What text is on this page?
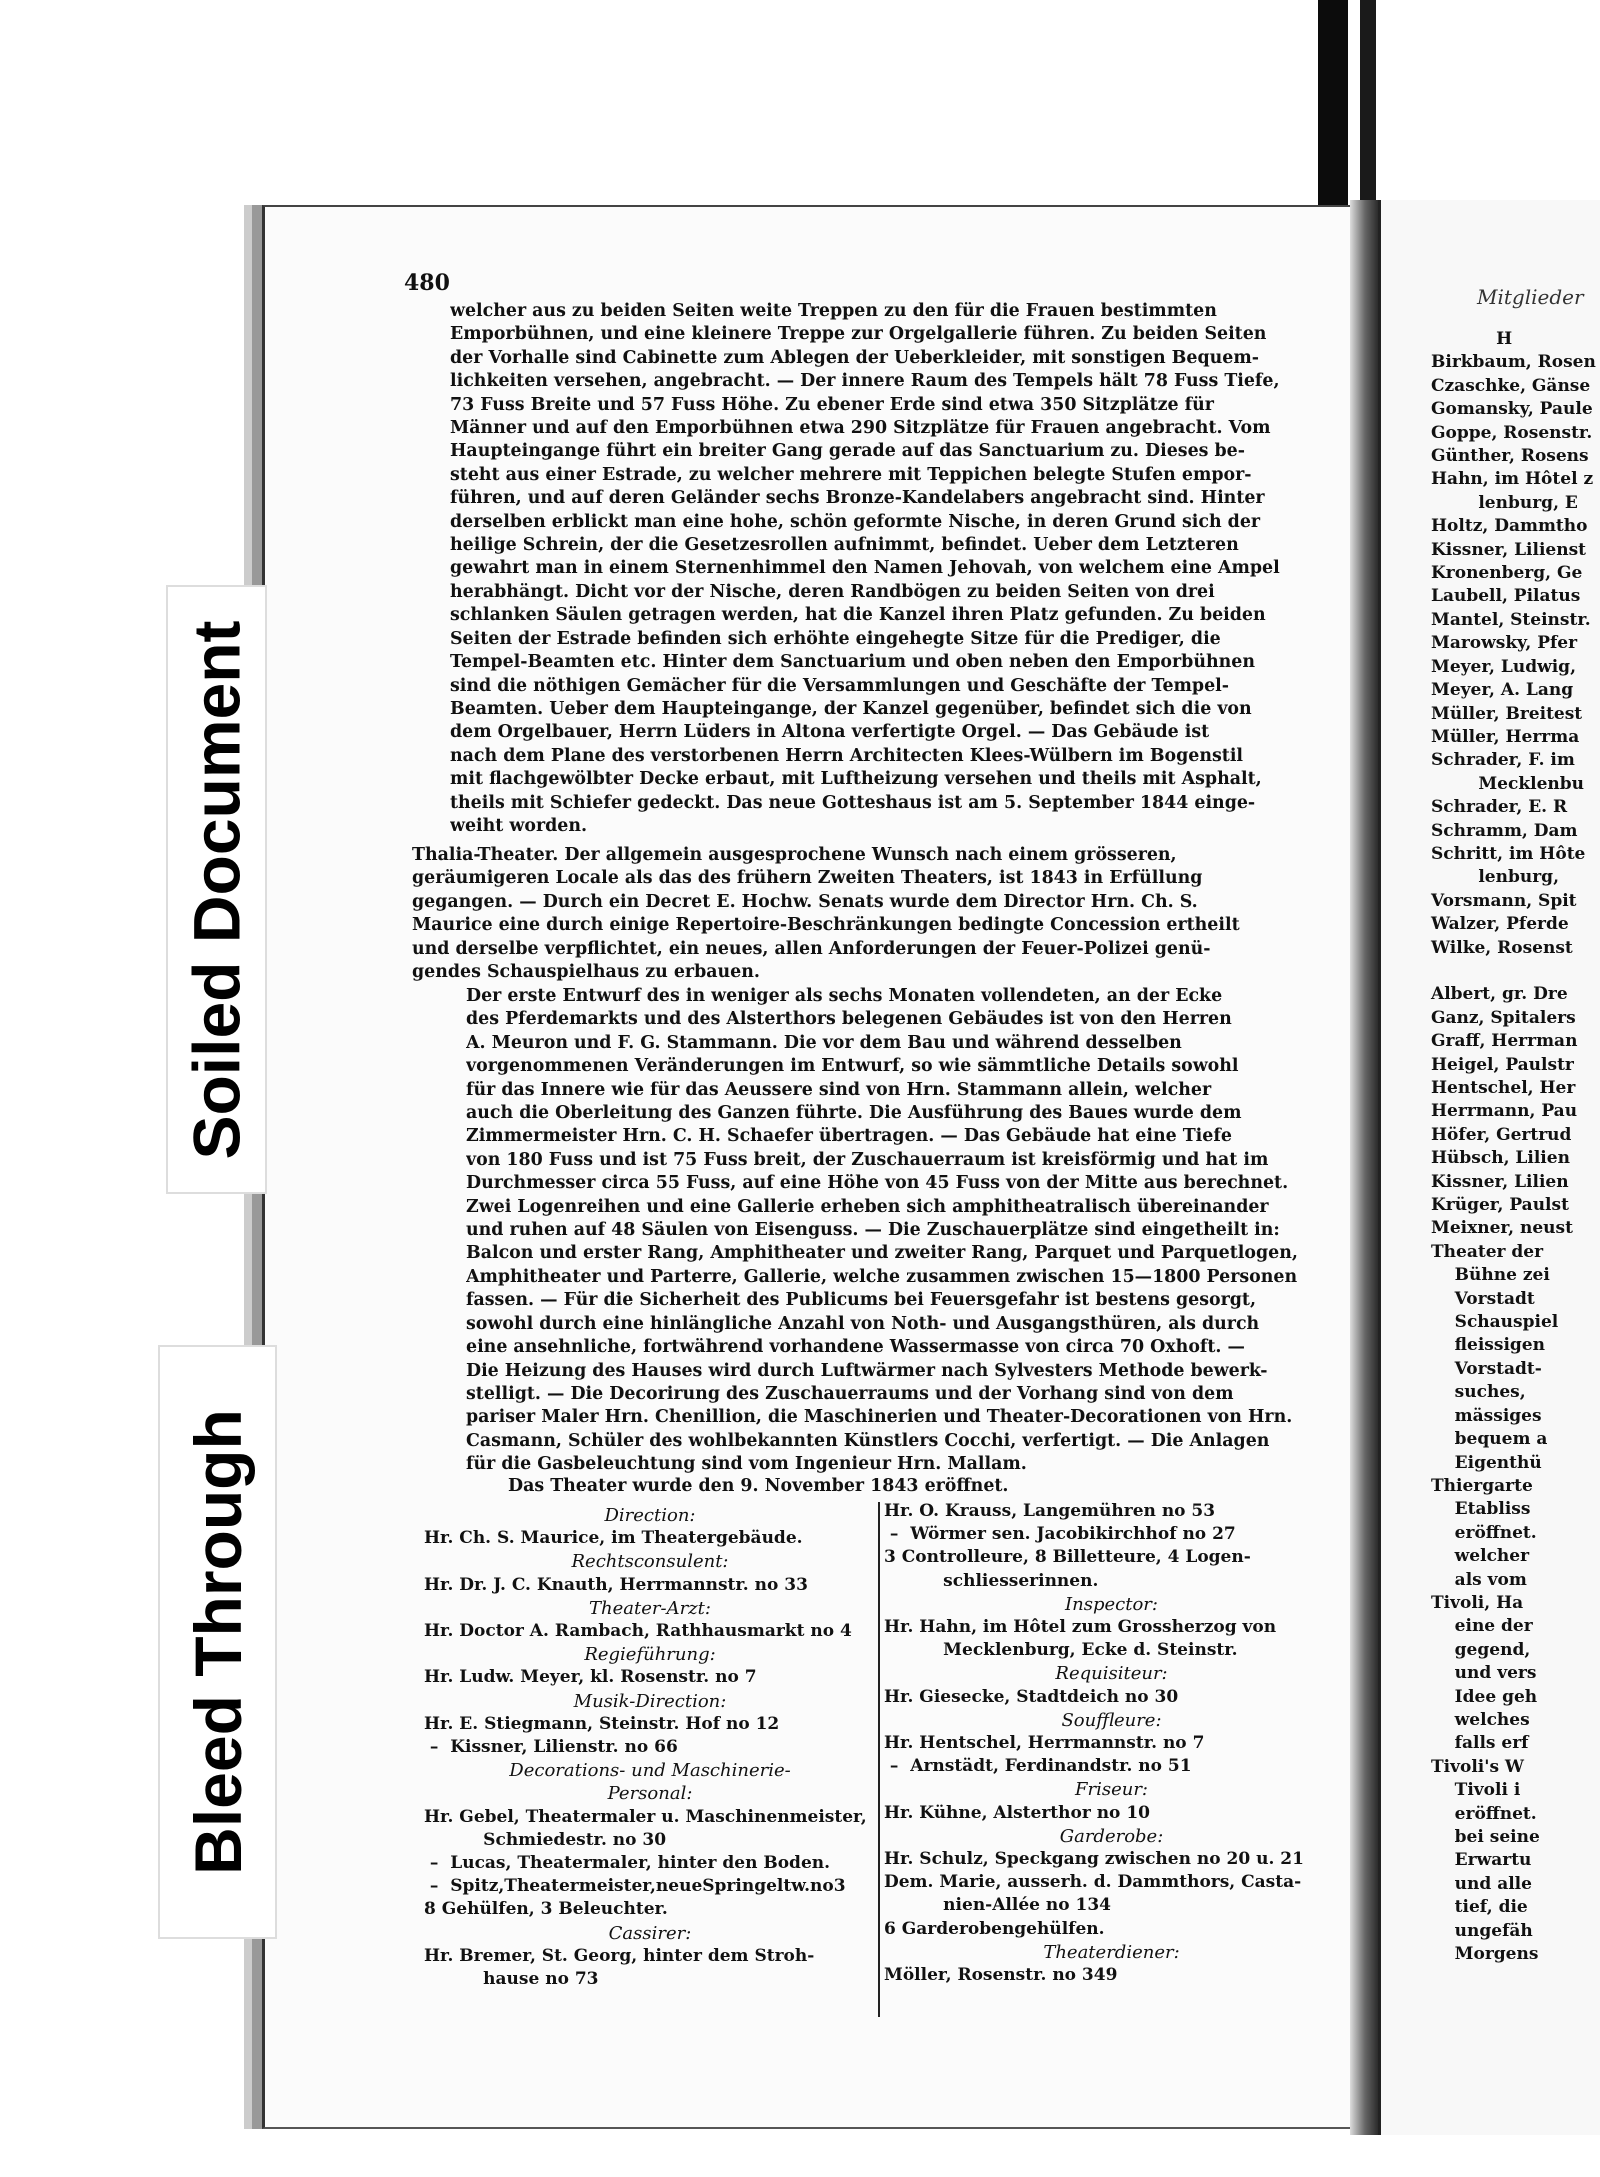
480
welcher aus zu beiden Seiten weite Treppen zu den für die Frauen bestimmten
Emporbühnen, und eine kleinere Treppe zur Orgelgallerie führen. Zu beiden Seiten
der Vorhalle sind Cabinette zum Ablegen der Ueberkleider, mit sonstigen Bequem-
lichkeiten versehen, angebracht. — Der innere Raum des Tempels hält 78 Fuss Tiefe,
73 Fuss Breite und 57 Fuss Höhe. Zu ebener Erde sind etwa 350 Sitzplätze für
Männer und auf den Emporbühnen etwa 290 Sitzplätze für Frauen angebracht. Vom
Haupteingange führt ein breiter Gang gerade auf das Sanctuarium zu. Dieses be-
steht aus einer Estrade, zu welcher mehrere mit Teppichen belegte Stufen empor-
führen, und auf deren Geländer sechs Bronze-Kandelabers angebracht sind. Hinter
derselben erblickt man eine hohe, schön geformte Nische, in deren Grund sich der
heilige Schrein, der die Gesetzesrollen aufnimmt, befindet. Ueber dem Letzteren
gewahrt man in einem Sternenhimmel den Namen Jehovah, von welchem eine Ampel
herabhängt. Dicht vor der Nische, deren Randbögen zu beiden Seiten von drei
schlanken Säulen getragen werden, hat die Kanzel ihren Platz gefunden. Zu beiden
Seiten der Estrade befinden sich erhöhte eingehegte Sitze für die Prediger, die
Tempel-Beamten etc. Hinter dem Sanctuarium und oben neben den Emporbühnen
sind die nöthigen Gemächer für die Versammlungen und Geschäfte der Tempel-
Beamten. Ueber dem Haupteingange, der Kanzel gegenüber, befindet sich die von
dem Orgelbauer, Herrn Lüders in Altona verfertigte Orgel. — Das Gebäude ist
nach dem Plane des verstorbenen Herrn Architecten Klees-Wülbern im Bogenstil
mit flachgewölbter Decke erbaut, mit Luftheizung versehen und theils mit Asphalt,
theils mit Schiefer gedeckt. Das neue Gotteshaus ist am 5. September 1844 einge-
weiht worden.
Thalia-Theater. Der allgemein ausgesprochene Wunsch nach einem grösseren,
geräumigeren Locale als das des frühern Zweiten Theaters, ist 1843 in Erfüllung
gegangen. — Durch ein Decret E. Hochw. Senats wurde dem Director Hrn. Ch. S.
Maurice eine durch einige Repertoire-Beschränkungen bedingte Concession ertheilt
und derselbe verpflichtet, ein neues, allen Anforderungen der Feuer-Polizei genü-
gendes Schauspielhaus zu erbauen.
Der erste Entwurf des in weniger als sechs Monaten vollendeten, an der Ecke
des Pferdemarkts und des Alsterthors belegenen Gebäudes ist von den Herren
A. Meuron und F. G. Stammann. Die vor dem Bau und während desselben
vorgenommenen Veränderungen im Entwurf, so wie sämmtliche Details sowohl
für das Innere wie für das Aeussere sind von Hrn. Stammann allein, welcher
auch die Oberleitung des Ganzen führte. Die Ausführung des Baues wurde dem
Zimmermeister Hrn. C. H. Schaefer übertragen. — Das Gebäude hat eine Tiefe
von 180 Fuss und ist 75 Fuss breit, der Zuschauerraum ist kreisförmig und hat im
Durchmesser circa 55 Fuss, auf eine Höhe von 45 Fuss von der Mitte aus berechnet.
Zwei Logenreihen und eine Gallerie erheben sich amphitheatralisch übereinander
und ruhen auf 48 Säulen von Eisenguss. — Die Zuschauerplätze sind eingetheilt in:
Balcon und erster Rang, Amphitheater und zweiter Rang, Parquet und Parquetlogen,
Amphitheater und Parterre, Gallerie, welche zusammen zwischen 15—1800 Personen
fassen. — Für die Sicherheit des Publicums bei Feuersgefahr ist bestens gesorgt,
sowohl durch eine hinlängliche Anzahl von Noth- und Ausgangsthüren, als durch
eine ansehnliche, fortwährend vorhandene Wassermasse von circa 70 Oxhoft. —
Die Heizung des Hauses wird durch Luftwärmer nach Sylvesters Methode bewerk-
stelligt. — Die Decorirung des Zuschauerraums und der Vorhang sind von dem
pariser Maler Hrn. Chenillion, die Maschinerien und Theater-Decorationen von Hrn.
Casmann, Schüler des wohlbekannten Künstlers Cocchi, verfertigt. — Die Anlagen
für die Gasbeleuchtung sind vom Ingenieur Hrn. Mallam.
Das Theater wurde den 9. November 1843 eröffnet.
Direction:
Hr. Ch. S. Maurice, im Theatergebäude.
Rechtsconsulent:
Hr. Dr. J. C. Knauth, Herrmannstr. no 33
Theater-Arzt:
Hr. Doctor A. Rambach, Rathhausmarkt no 4
Regieführung:
Hr. Ludw. Meyer, kl. Rosenstr. no 7
Musik-Direction:
Hr. E. Stiegmann, Steinstr. Hof no 12
–  Kissner, Lilienstr. no 66
Decorations- und Maschinerie-
Personal:
Hr. Gebel, Theatermaler u. Maschinenmeister,
Schmiedestr. no 30
–  Lucas, Theatermaler, hinter den Boden.
–  Spitz,Theatermeister,neueSpringeltw.no3
8 Gehülfen, 3 Beleuchter.
Cassirer:
Hr. Bremer, St. Georg, hinter dem Stroh-
hause no 73
Hr. O. Krauss, Langemühren no 53
–  Wörmer sen. Jacobikirchhof no 27
3 Controlleure, 8 Billetteure, 4 Logen-
schliesserinnen.
Inspector:
Hr. Hahn, im Hôtel zum Grossherzog von
Mecklenburg, Ecke d. Steinstr.
Requisiteur:
Hr. Giesecke, Stadtdeich no 30
Souffleure:
Hr. Hentschel, Herrmannstr. no 7
–  Arnstädt, Ferdinandstr. no 51
Friseur:
Hr. Kühne, Alsterthor no 10
Garderobe:
Hr. Schulz, Speckgang zwischen no 20 u. 21
Dem. Marie, ausserh. d. Dammthors, Casta-
nien-Allée no 134
6 Garderobengehülfen.
Theaterdiener:
Möller, Rosenstr. no 349
Mitglieder
H
Birkbaum, Rosen
Czaschke, Gänse
Gomansky, Paule
Goppe, Rosenstr.
Günther, Rosens
Hahn, im Hôtel z
lenburg, E
Holtz, Dammtho
Kissner, Lilienst
Kronenberg, Ge
Laubell, Pilatus
Mantel, Steinstr.
Marowsky, Pfer
Meyer, Ludwig,
Meyer, A. Lang
Müller, Breitest
Müller, Herrma
Schrader, F. im
Mecklenbu
Schrader, E. R
Schramm, Dam
Schritt, im Hôte
lenburg,
Vorsmann, Spit
Walzer, Pferde
Wilke, Rosenst

Albert, gr. Dre
Ganz, Spitalers
Graff, Herrman
Heigel, Paulstr
Hentschel, Her
Herrmann, Pau
Höfer, Gertrud
Hübsch, Lilien
Kissner, Lilien
Krüger, Paulst
Meixner, neust
Theater der
Bühne zei
Vorstadt
Schauspiel
fleissigen
Vorstadt-
suches,
mässiges
bequem a
Eigenthü
Thiergarte
Etabliss
eröffnet.
welcher
als vom
Tivoli, Ha
eine der
gegend,
und vers
Idee geh
welches
falls erf
Tivoli's W
Tivoli i
eröffnet.
bei seine
Erwartu
und alle
tief, die
ungefäh
Morgens
Soiled Document
Bleed Through
